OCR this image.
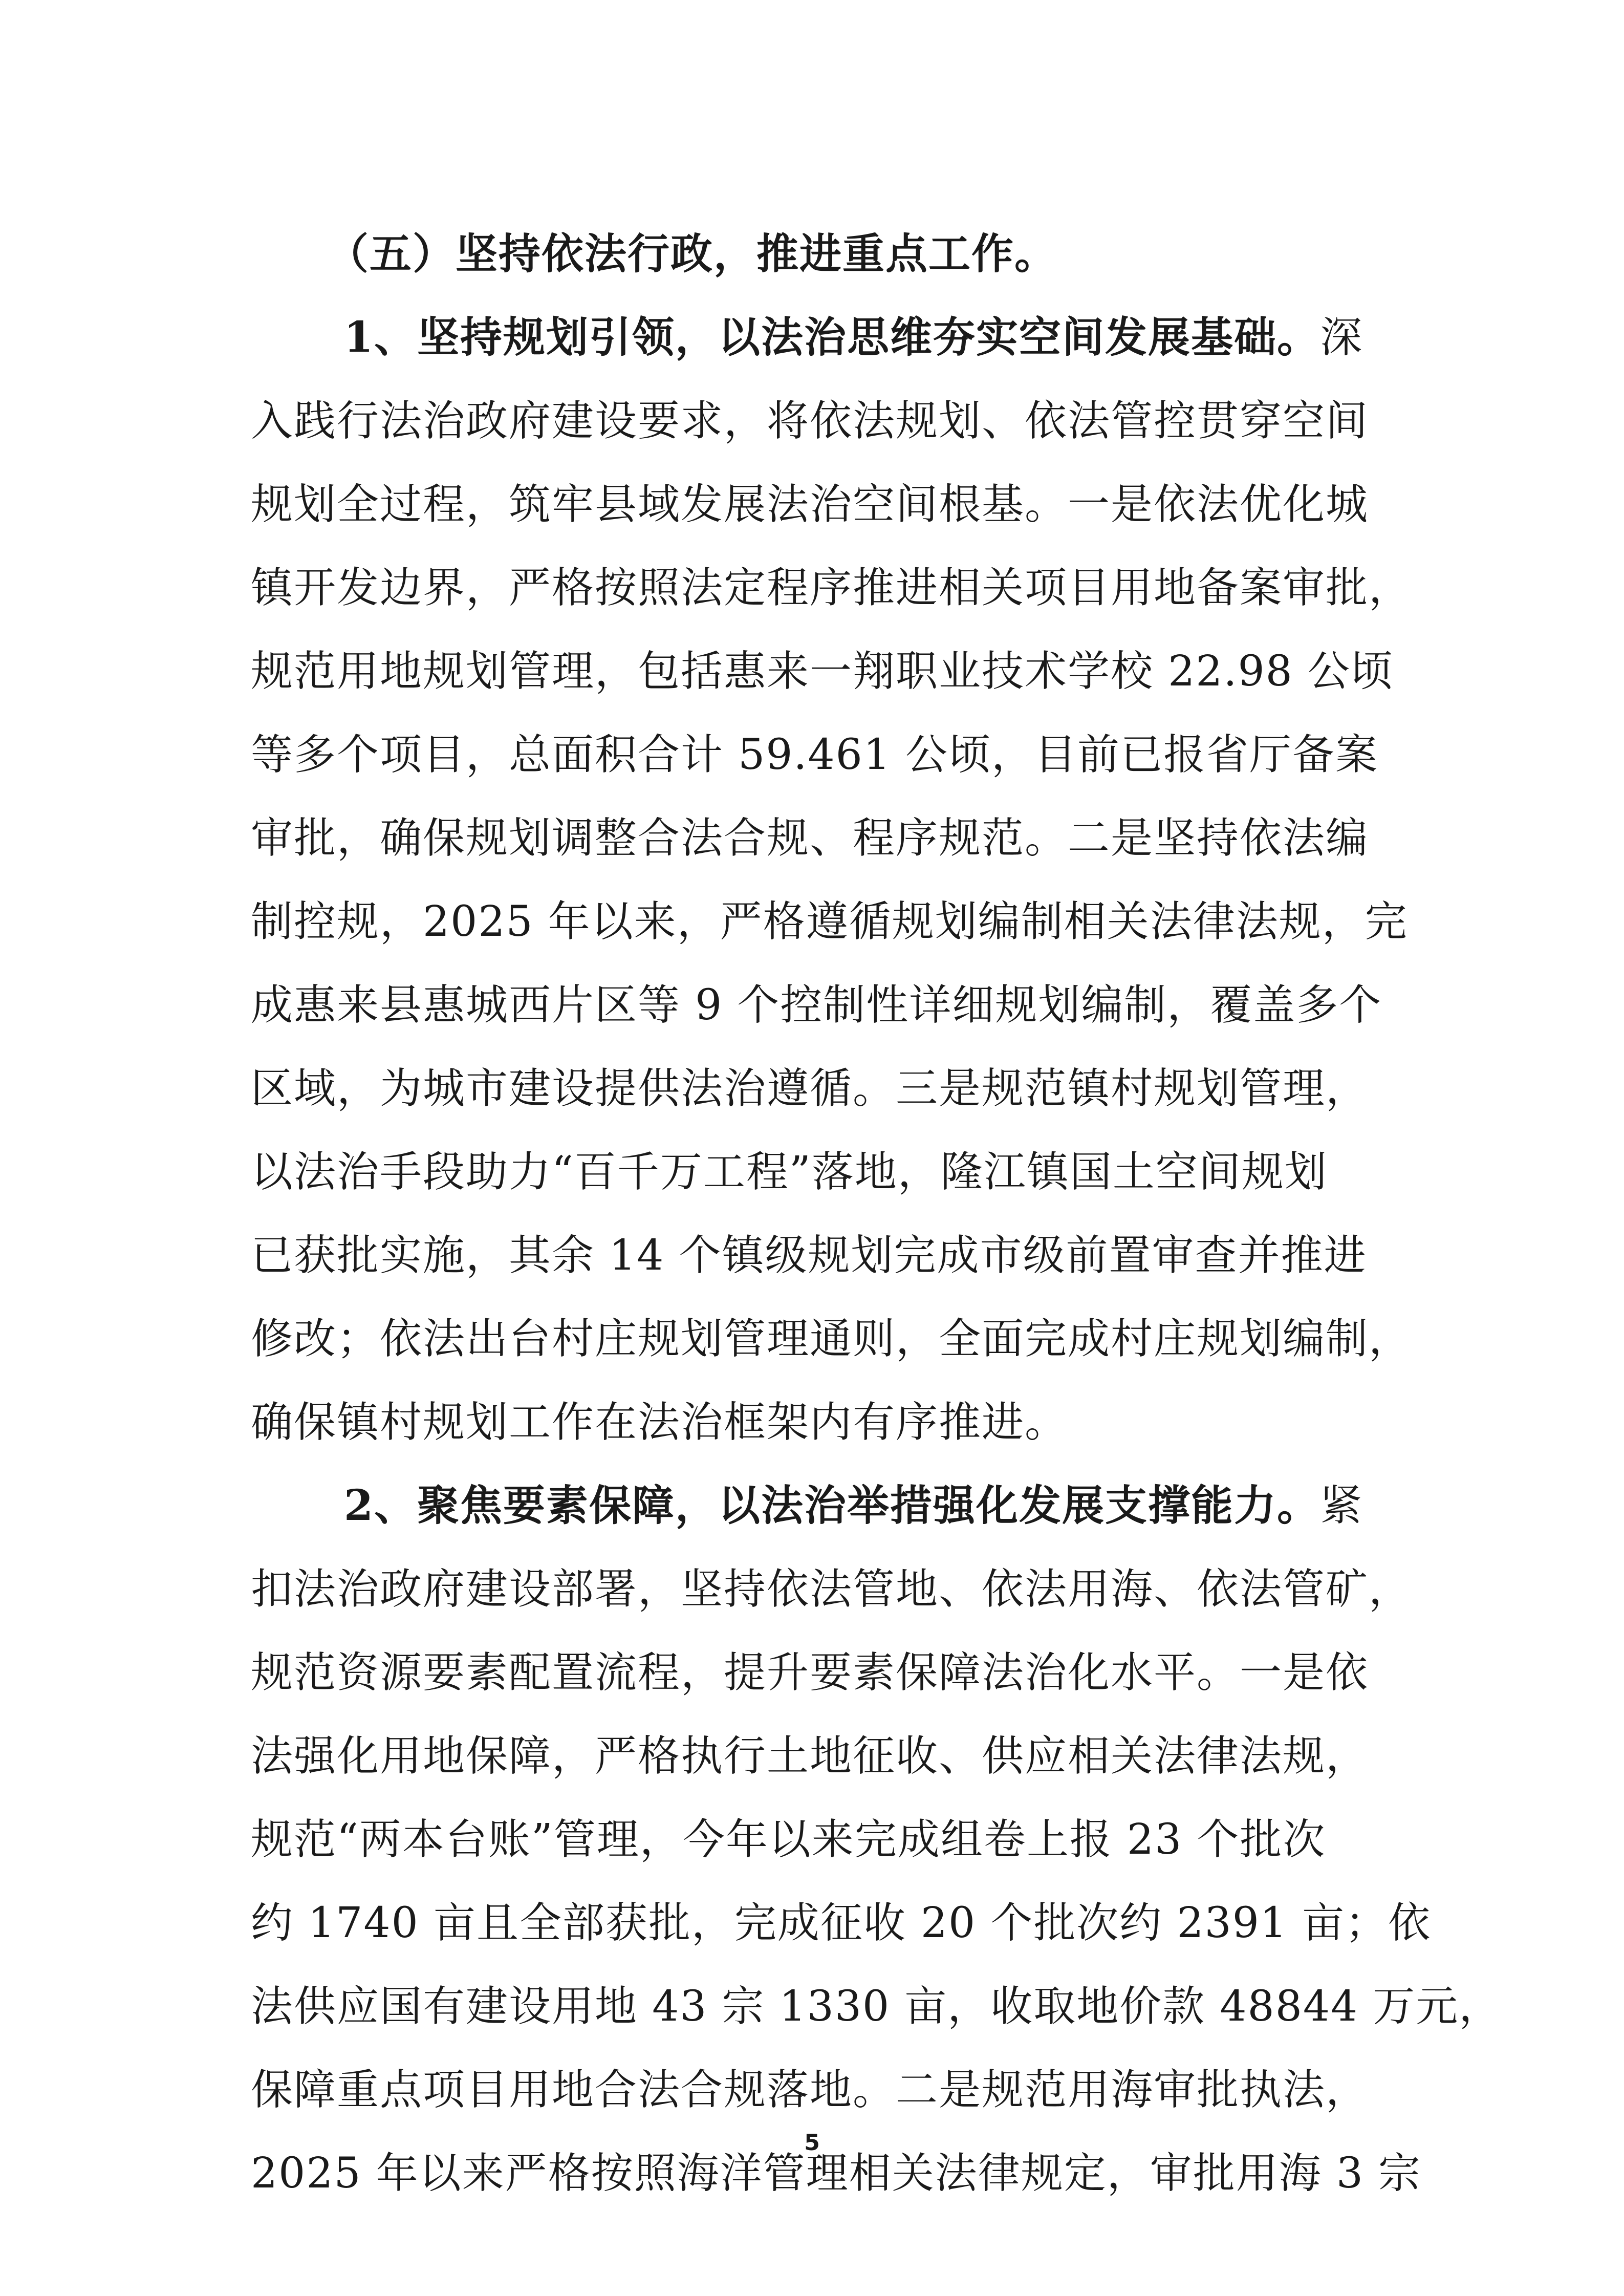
（五）坚持依法行政，推进重点工作。
1、坚持规划引领，以法治思维夯实空间发展基础。深
入践行法治政府建设要求，将依法规划、依法管控贯穿空间
规划全过程，筑牢县域发展法治空间根基。一是依法优化城
镇开发边界，严格按照法定程序推进相关项目用地备案审批，
规范用地规划管理，包括惠来一翔职业技术学校 22.98 公顷
等多个项目，总面积合计 59.461 公顷，目前已报省厅备案
审批，确保规划调整合法合规、程序规范。二是坚持依法编
制控规，2025 年以来，严格遵循规划编制相关法律法规，完
成惠来县惠城西片区等 9 个控制性详细规划编制，覆盖多个
区域，为城市建设提供法治遵循。三是规范镇村规划管理，
以法治手段助力“百千万工程”落地，隆江镇国土空间规划
已获批实施，其余 14 个镇级规划完成市级前置审查并推进
修改；依法出台村庄规划管理通则，全面完成村庄规划编制，
确保镇村规划工作在法治框架内有序推进。
2、聚焦要素保障，以法治举措强化发展支撑能力。紧
扣法治政府建设部署，坚持依法管地、依法用海、依法管矿，
规范资源要素配置流程，提升要素保障法治化水平。一是依
法强化用地保障，严格执行土地征收、供应相关法律法规，
规范“两本台账”管理，今年以来完成组卷上报 23 个批次
约 1740 亩且全部获批，完成征收 20 个批次约 2391 亩；依
法供应国有建设用地 43 宗 1330 亩，收取地价款 48844 万元，
保障重点项目用地合法合规落地。二是规范用海审批执法，
2025 年以来严格按照海洋管理相关法律规定，审批用海 3 宗
5
